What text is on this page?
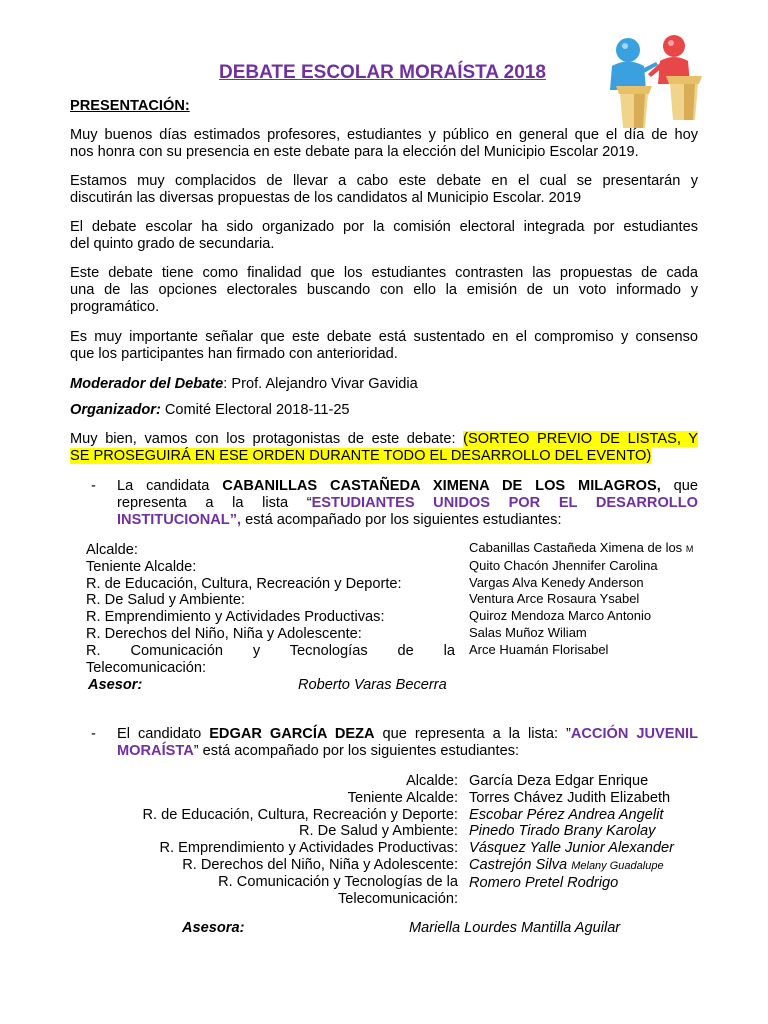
DEBATE ESCOLAR MORAÍSTA 2018
PRESENTACIÓN:
Muy buenos días estimados profesores, estudiantes y público en general que el día de hoy
nos honra con su presencia en este debate para la elección del Municipio Escolar 2019.
Estamos muy complacidos de llevar a cabo este debate en el cual se presentarán y
discutirán las diversas propuestas de los candidatos al Municipio Escolar. 2019
El debate escolar ha sido organizado por la comisión electoral integrada por estudiantes
del quinto grado de secundaria.
Este debate tiene como finalidad que los estudiantes contrasten las propuestas de cada
una de las opciones electorales buscando con ello la emisión de un voto informado y
programático.
Es muy importante señalar que este debate está sustentado en el compromiso y consenso
que los participantes han firmado con anterioridad.
Moderador del Debate: Prof. Alejandro Vivar Gavidia
Organizador: Comité Electoral 2018-11-25
Muy bien, vamos con los protagonistas de este debate: (SORTEO PREVIO DE LISTAS, Y
SE PROSEGUIRÁ EN ESE ORDEN DURANTE TODO EL DESARROLLO DEL EVENTO)
- La candidata CABANILLAS CASTAÑEDA XIMENA DE LOS MILAGROS, que representa a la lista “ESTUDIANTES UNIDOS POR EL DESARROLLO INSTITUCIONAL”, está acompañado por los siguientes estudiantes:
Alcalde:
Teniente Alcalde:
R. de Educación, Cultura, Recreación y Deporte:
R. De Salud y Ambiente:
R. Emprendimiento y Actividades Productivas:
R. Derechos del Niño, Niña y Adolescente:
R. Comunicación y Tecnologías de la
Telecomunicación:
Cabanillas Castañeda Ximena de los M
Quito Chacón Jhennifer Carolina
Vargas Alva Kenedy Anderson
Ventura Arce Rosaura Ysabel
Quiroz Mendoza Marco Antonio
Salas Muñoz Wiliam
Arce Huamán Florisabel
Asesor:	Roberto Varas Becerra
- El candidato EDGAR GARCÍA DEZA que representa a la lista: ”ACCIÓN JUVENIL
MORAÍSTA” está acompañado por los siguientes estudiantes:
Alcalde:
Teniente Alcalde:
R. de Educación, Cultura, Recreación y Deporte:
R. De Salud y Ambiente:
R. Emprendimiento y Actividades Productivas:
R. Derechos del Niño, Niña y Adolescente:
R. Comunicación y Tecnologías de la
Telecomunicación:
García Deza Edgar Enrique
Torres Chávez Judith Elizabeth
Escobar Pérez Andrea Angelit
Pinedo Tirado Brany Karolay
Vásquez Yalle Junior Alexander
Castrejón Silva Melany Guadalupe
Romero Pretel Rodrigo
Asesora:	Mariella Lourdes Mantilla Aguilar
